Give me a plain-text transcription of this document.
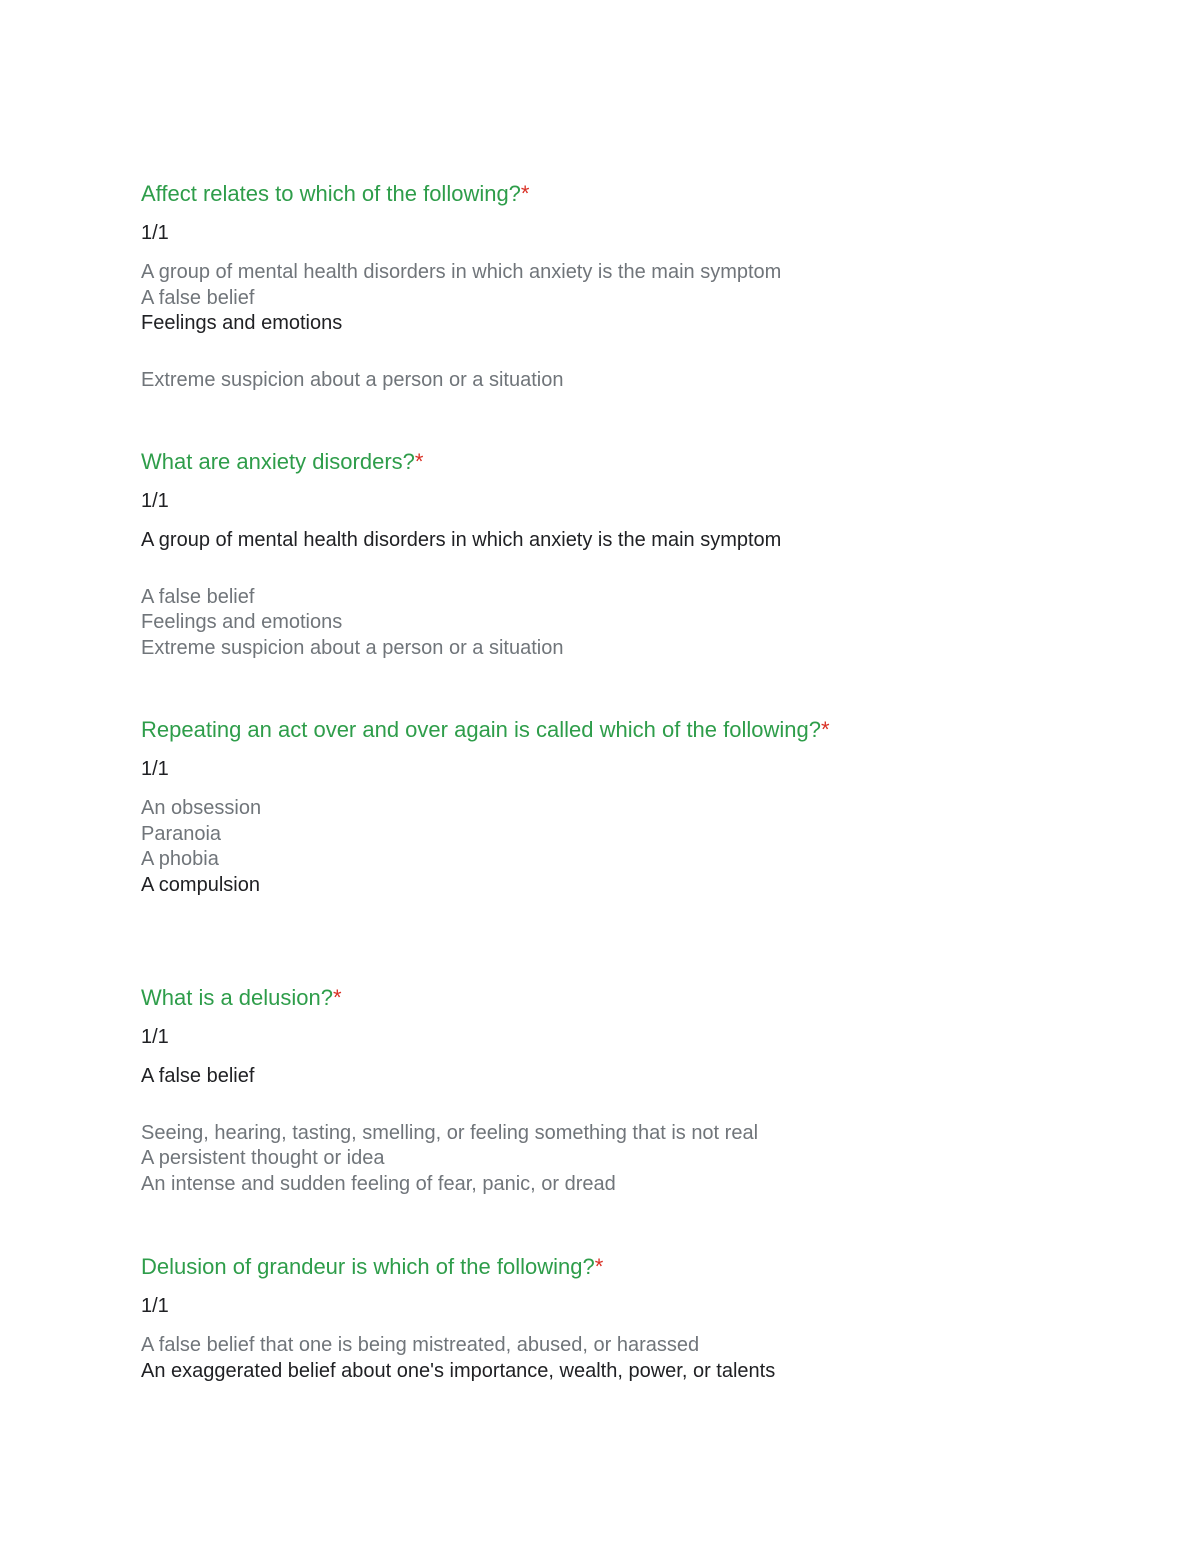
Affect relates to which of the following?*
1/1
A group of mental health disorders in which anxiety is the main symptom
A false belief
Feelings and emotions
Extreme suspicion about a person or a situation
What are anxiety disorders?*
1/1
A group of mental health disorders in which anxiety is the main symptom
A false belief
Feelings and emotions
Extreme suspicion about a person or a situation
Repeating an act over and over again is called which of the following?*
1/1
An obsession
Paranoia
A phobia
A compulsion
What is a delusion?*
1/1
A false belief
Seeing, hearing, tasting, smelling, or feeling something that is not real
A persistent thought or idea
An intense and sudden feeling of fear, panic, or dread
Delusion of grandeur is which of the following?*
1/1
A false belief that one is being mistreated, abused, or harassed
An exaggerated belief about one's importance, wealth, power, or talents
